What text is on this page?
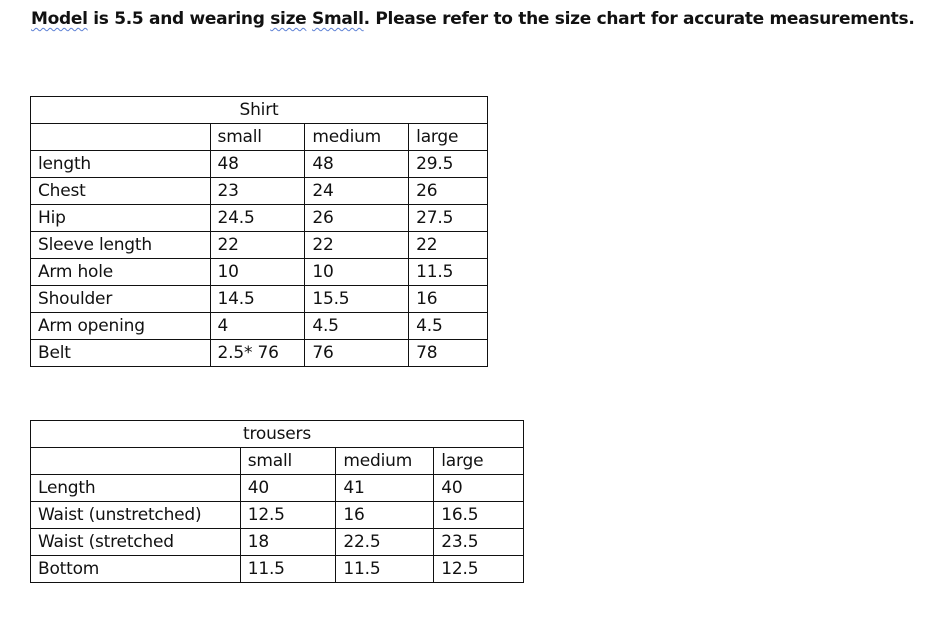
Model is 5.5 and wearing size Small. Please refer to the size chart for accurate measurements.
Shirt			
	small	medium	large
length	48	48	29.5
Chest	23	24	26
Hip	24.5	26	27.5
Sleeve length	22	22	22
Arm hole	10	10	11.5
Shoulder	14.5	15.5	16
Arm opening	4	4.5	4.5
Belt	2.5* 76	76	78
trousers			
	small	medium	large
Length	40	41	40
Waist (unstretched)	12.5	16	16.5
Waist (stretched	18	22.5	23.5
Bottom	11.5	11.5	12.5
